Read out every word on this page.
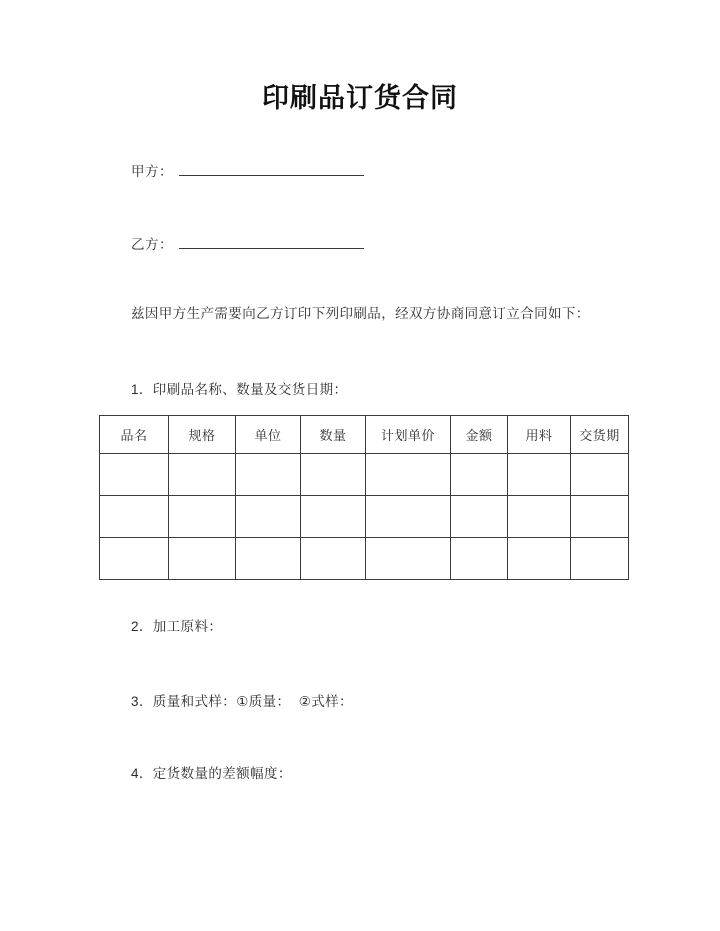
印刷品订货合同
甲方：
乙方：
兹因甲方生产需要向乙方订印下列印刷品，经双方协商同意订立合同如下：
1．印刷品名称、数量及交货日期：
品名	规格	单位	数量	计划单价	金额	用料	交货期

2．加工原料：
3．质量和式样：①质量：  ②式样：
4．定货数量的差额幅度：
